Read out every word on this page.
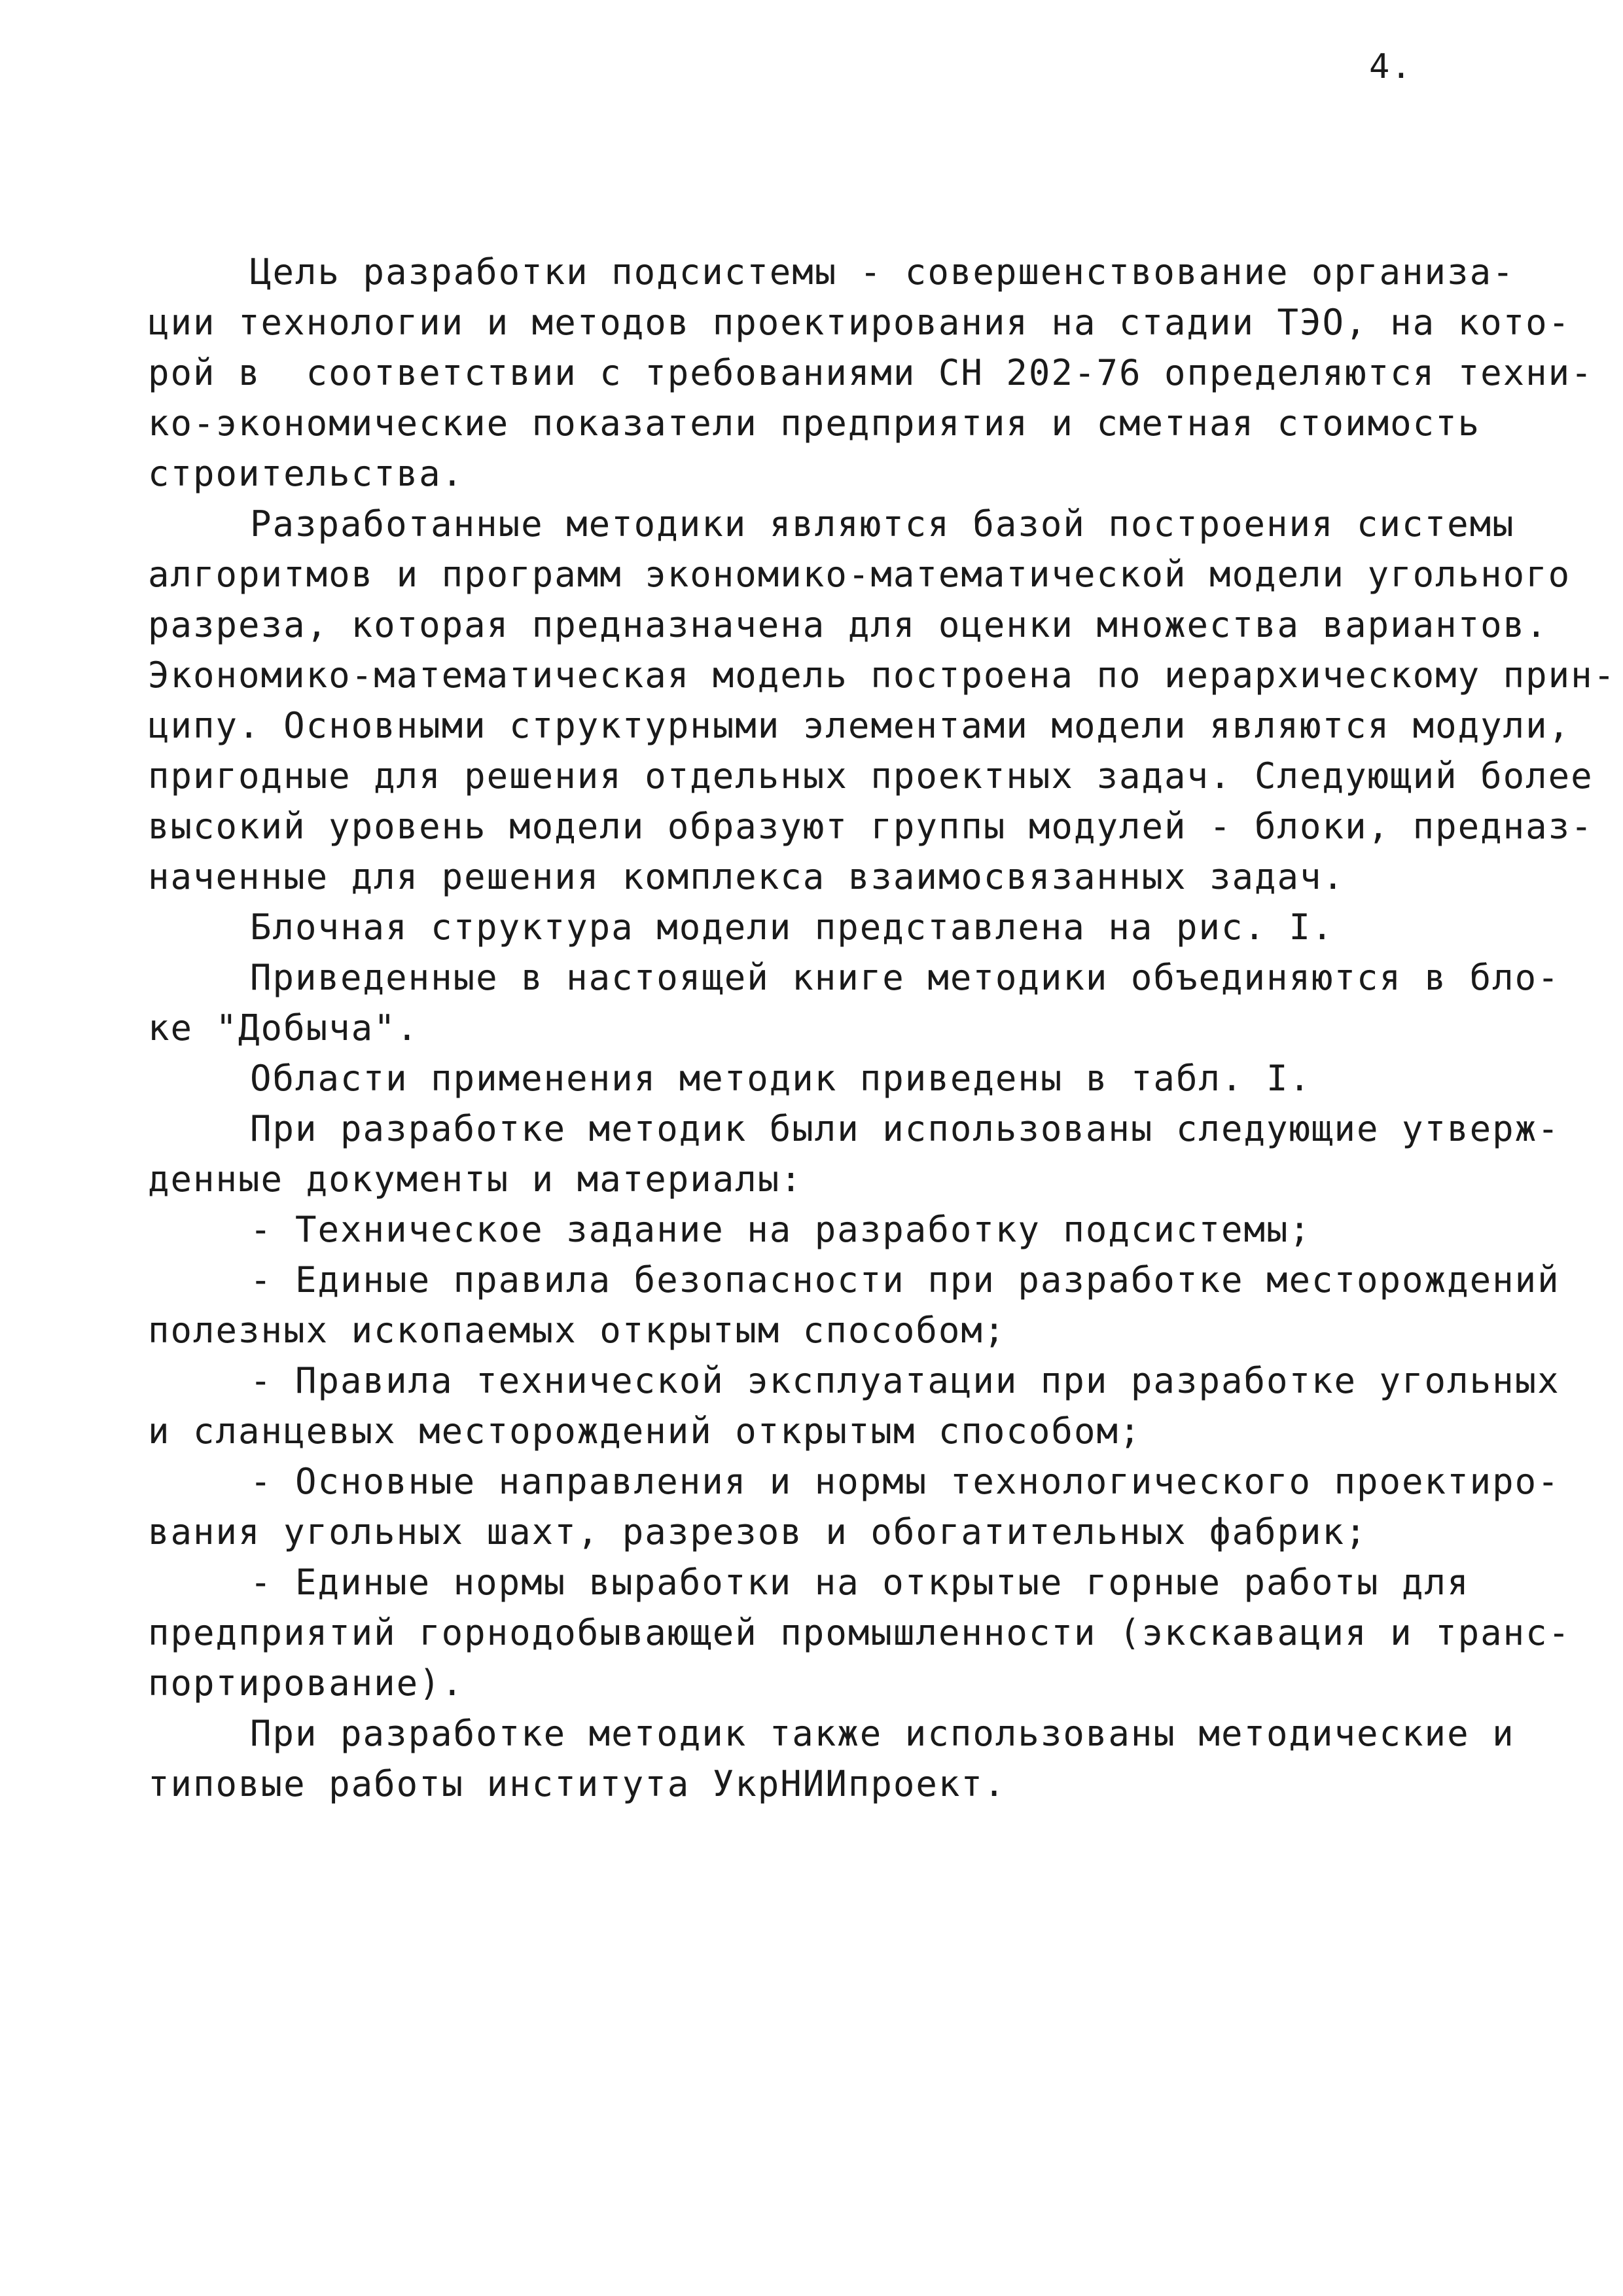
4.
Цель разработки подсистемы - совершенствование организа-
ции технологии и методов проектирования на стадии ТЭО, на кото-
рой в  соответствии с требованиями СН 202-76 определяются техни-
ко-экономические показатели предприятия и сметная стоимость
строительства.
Разработанные методики являются базой построения системы
алгоритмов и программ экономико-математической модели угольного
разреза, которая предназначена для оценки множества вариантов.
Экономико-математическая модель построена по иерархическому прин-
ципу. Основными структурными элементами модели являются модули,
пригодные для решения отдельных проектных задач. Следующий более
высокий уровень модели образуют группы модулей - блоки, предназ-
наченные для решения комплекса взаимосвязанных задач.
Блочная структура модели представлена на рис. I.
Приведенные в настоящей книге методики объединяются в бло-
ке "Добыча".
Области применения методик приведены в табл. I.
При разработке методик были использованы следующие утверж-
денные документы и материалы:
- Техническое задание на разработку подсистемы;
- Единые правила безопасности при разработке месторождений
полезных ископаемых открытым способом;
- Правила технической эксплуатации при разработке угольных
и сланцевых месторождений открытым способом;
- Основные направления и нормы технологического проектиро-
вания угольных шахт, разрезов и обогатительных фабрик;
- Единые нормы выработки на открытые горные работы для
предприятий горнодобывающей промышленности (экскавация и транс-
портирование).
При разработке методик также использованы методические и
типовые работы института УкрНИИпроект.
